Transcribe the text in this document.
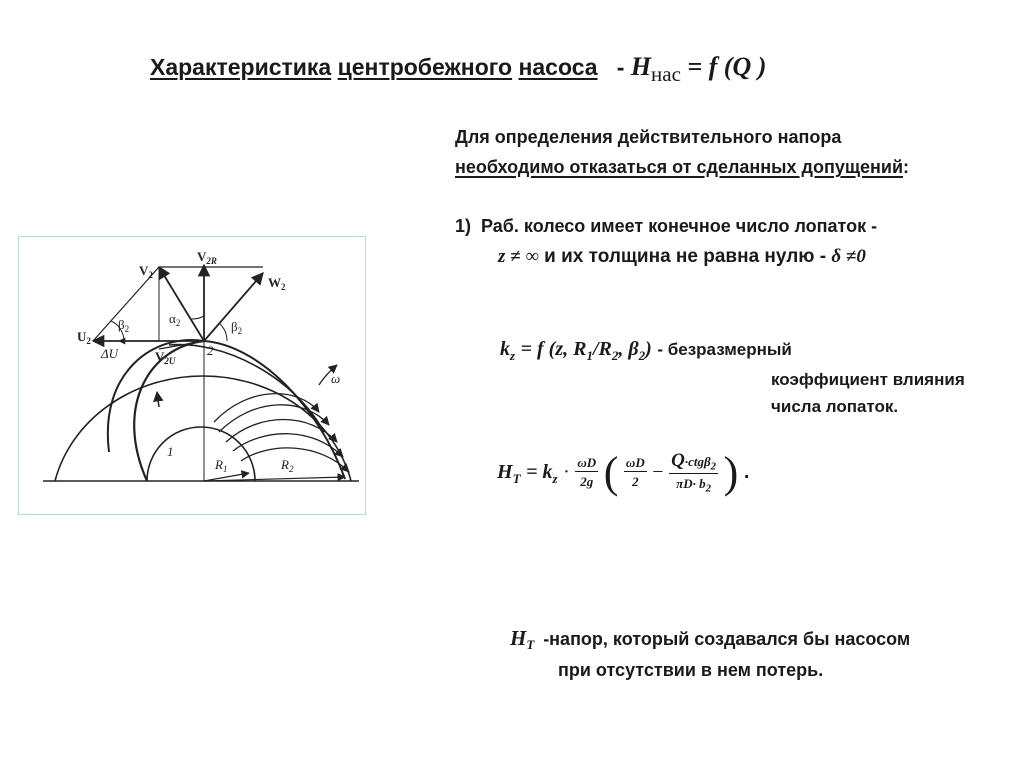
Характеристика центробежного насоса - Hнас = f (Q )
Для определения действительного напора
необходимо отказаться от сделанных допущений:
1) Раб. колесо имеет конечное число лопаток -
z ≠ ∞ и их толщина не равна нулю - δ ≠0
$k_z = f$ (z, $R_1/R_2$, $\beta_2$) - безразмерный
коэффициент влияния
числа лопаток.
$H_T = k_z \cdot \frac{\omega D}{2g}$ ( $\frac{\omega D}{2} - \frac{Q\cdot ctg\beta_2}{\pi D\cdot b_2}$ ) .
$H_T$ -напор, который создавался бы насосом
при отсутствии в нем потерь.
$V_2$
$V_{2R}$
$W_2$
$U_2$
$\beta_2$
$\alpha_2$	$\beta_2$
ΔU	$V_{2U}$
2
ω
1
$R_1$	$R_2$
